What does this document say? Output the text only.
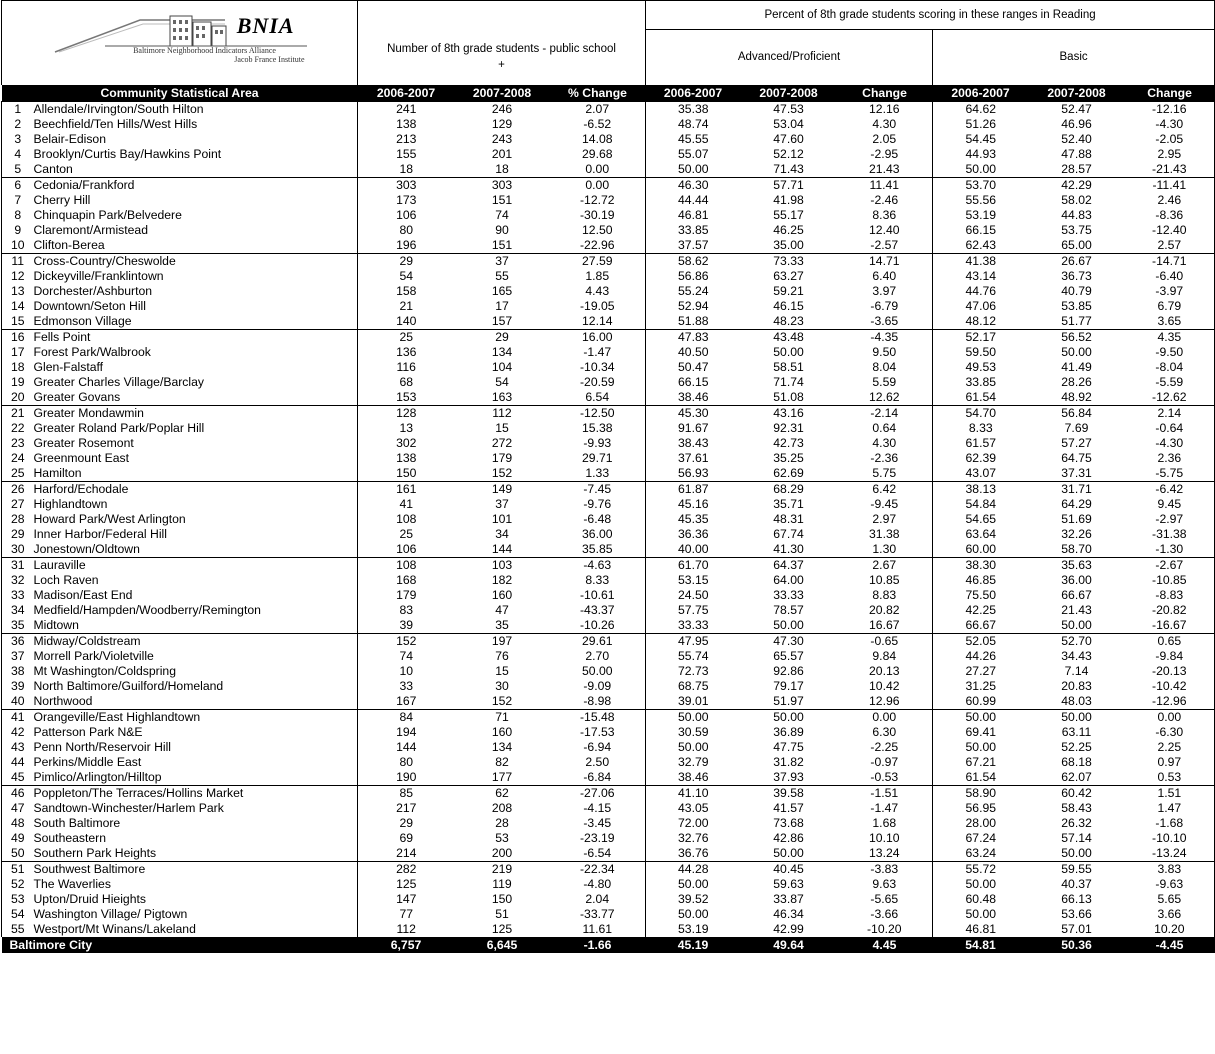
BNIA
Baltimore Neighborhood Indicators Alliance
Jacob France Institute					Percent of 8th grade students scoring in these ranges in Reading						

		Number of 8th grade students - public school
+			Advanced/Proficient			Basic			

Community Statistical Area		2006-2007	2007-2008	% Change	2006-2007	2007-2008	Change	2006-2007	2007-2008	Change	
1	Allendale/Irvington/South Hilton	241	246	2.07	35.38	47.53	12.16	64.62	52.47	-12.16	
2	Beechfield/Ten Hills/West Hills	138	129	-6.52	48.74	53.04	4.30	51.26	46.96	-4.30	
3	Belair-Edison	213	243	14.08	45.55	47.60	2.05	54.45	52.40	-2.05	
4	Brooklyn/Curtis Bay/Hawkins Point	155	201	29.68	55.07	52.12	-2.95	44.93	47.88	2.95	
5	Canton	18	18	0.00	50.00	71.43	21.43	50.00	28.57	-21.43	
6	Cedonia/Frankford	303	303	0.00	46.30	57.71	11.41	53.70	42.29	-11.41	
7	Cherry Hill	173	151	-12.72	44.44	41.98	-2.46	55.56	58.02	2.46	
8	Chinquapin Park/Belvedere	106	74	-30.19	46.81	55.17	8.36	53.19	44.83	-8.36	
9	Claremont/Armistead	80	90	12.50	33.85	46.25	12.40	66.15	53.75	-12.40	
10	Clifton-Berea	196	151	-22.96	37.57	35.00	-2.57	62.43	65.00	2.57	
11	Cross-Country/Cheswolde	29	37	27.59	58.62	73.33	14.71	41.38	26.67	-14.71	
12	Dickeyville/Franklintown	54	55	1.85	56.86	63.27	6.40	43.14	36.73	-6.40	
13	Dorchester/Ashburton	158	165	4.43	55.24	59.21	3.97	44.76	40.79	-3.97	
14	Downtown/Seton Hill	21	17	-19.05	52.94	46.15	-6.79	47.06	53.85	6.79	
15	Edmonson Village	140	157	12.14	51.88	48.23	-3.65	48.12	51.77	3.65	
16	Fells Point	25	29	16.00	47.83	43.48	-4.35	52.17	56.52	4.35	
17	Forest Park/Walbrook	136	134	-1.47	40.50	50.00	9.50	59.50	50.00	-9.50	
18	Glen-Falstaff	116	104	-10.34	50.47	58.51	8.04	49.53	41.49	-8.04	
19	Greater Charles Village/Barclay	68	54	-20.59	66.15	71.74	5.59	33.85	28.26	-5.59	
20	Greater Govans	153	163	6.54	38.46	51.08	12.62	61.54	48.92	-12.62	
21	Greater Mondawmin	128	112	-12.50	45.30	43.16	-2.14	54.70	56.84	2.14	
22	Greater Roland Park/Poplar Hill	13	15	15.38	91.67	92.31	0.64	8.33	7.69	-0.64	
23	Greater Rosemont	302	272	-9.93	38.43	42.73	4.30	61.57	57.27	-4.30	
24	Greenmount East	138	179	29.71	37.61	35.25	-2.36	62.39	64.75	2.36	
25	Hamilton	150	152	1.33	56.93	62.69	5.75	43.07	37.31	-5.75	
26	Harford/Echodale	161	149	-7.45	61.87	68.29	6.42	38.13	31.71	-6.42	
27	Highlandtown	41	37	-9.76	45.16	35.71	-9.45	54.84	64.29	9.45	
28	Howard Park/West Arlington	108	101	-6.48	45.35	48.31	2.97	54.65	51.69	-2.97	
29	Inner Harbor/Federal Hill	25	34	36.00	36.36	67.74	31.38	63.64	32.26	-31.38	
30	Jonestown/Oldtown	106	144	35.85	40.00	41.30	1.30	60.00	58.70	-1.30	
31	Lauraville	108	103	-4.63	61.70	64.37	2.67	38.30	35.63	-2.67	
32	Loch Raven	168	182	8.33	53.15	64.00	10.85	46.85	36.00	-10.85	
33	Madison/East End	179	160	-10.61	24.50	33.33	8.83	75.50	66.67	-8.83	
34	Medfield/Hampden/Woodberry/Remington	83	47	-43.37	57.75	78.57	20.82	42.25	21.43	-20.82	
35	Midtown	39	35	-10.26	33.33	50.00	16.67	66.67	50.00	-16.67	
36	Midway/Coldstream	152	197	29.61	47.95	47.30	-0.65	52.05	52.70	0.65	
37	Morrell Park/Violetville	74	76	2.70	55.74	65.57	9.84	44.26	34.43	-9.84	
38	Mt Washington/Coldspring	10	15	50.00	72.73	92.86	20.13	27.27	7.14	-20.13	
39	North Baltimore/Guilford/Homeland	33	30	-9.09	68.75	79.17	10.42	31.25	20.83	-10.42	
40	Northwood	167	152	-8.98	39.01	51.97	12.96	60.99	48.03	-12.96	
41	Orangeville/East Highlandtown	84	71	-15.48	50.00	50.00	0.00	50.00	50.00	0.00	
42	Patterson Park N&E	194	160	-17.53	30.59	36.89	6.30	69.41	63.11	-6.30	
43	Penn North/Reservoir Hill	144	134	-6.94	50.00	47.75	-2.25	50.00	52.25	2.25	
44	Perkins/Middle East	80	82	2.50	32.79	31.82	-0.97	67.21	68.18	0.97	
45	Pimlico/Arlington/Hilltop	190	177	-6.84	38.46	37.93	-0.53	61.54	62.07	0.53	
46	Poppleton/The Terraces/Hollins Market	85	62	-27.06	41.10	39.58	-1.51	58.90	60.42	1.51	
47	Sandtown-Winchester/Harlem Park	217	208	-4.15	43.05	41.57	-1.47	56.95	58.43	1.47	
48	South Baltimore	29	28	-3.45	72.00	73.68	1.68	28.00	26.32	-1.68	
49	Southeastern	69	53	-23.19	32.76	42.86	10.10	67.24	57.14	-10.10	
50	Southern Park Heights	214	200	-6.54	36.76	50.00	13.24	63.24	50.00	-13.24	
51	Southwest Baltimore	282	219	-22.34	44.28	40.45	-3.83	55.72	59.55	3.83	
52	The Waverlies	125	119	-4.80	50.00	59.63	9.63	50.00	40.37	-9.63	
53	Upton/Druid Hieights	147	150	2.04	39.52	33.87	-5.65	60.48	66.13	5.65	
54	Washington Village/ Pigtown	77	51	-33.77	50.00	46.34	-3.66	50.00	53.66	3.66	
55	Westport/Mt Winans/Lakeland	112	125	11.61	53.19	42.99	-10.20	46.81	57.01	10.20	
Baltimore City		6,757	6,645	-1.66	45.19	49.64	4.45	54.81	50.36	-4.45	
